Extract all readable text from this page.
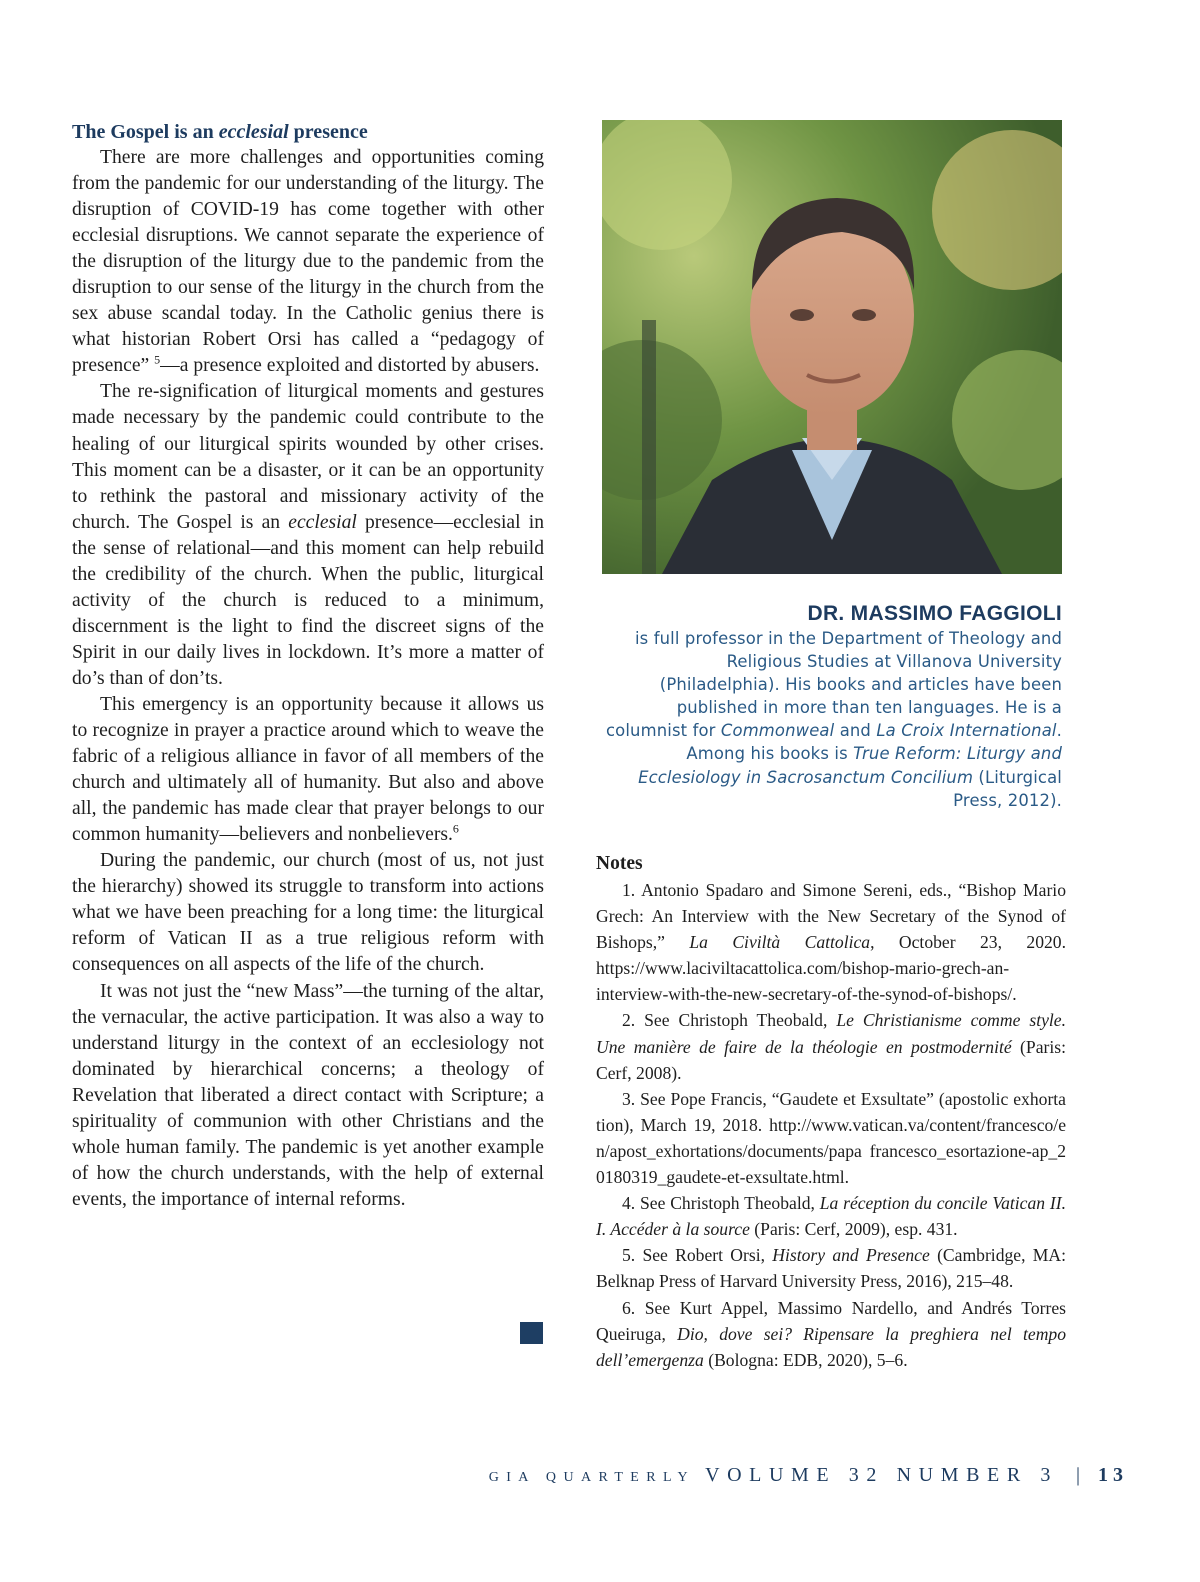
The Gospel is an ecclesial presence

There are more challenges and opportunities coming from the pandemic for our understanding of the liturgy. The disruption of COVID-19 has come together with other ecclesial disruptions. We cannot separate the experience of the disruption of the liturgy due to the pandemic from the disruption to our sense of the liturgy in the church from the sex abuse scandal today. In the Catholic genius there is what historian Robert Orsi has called a “pedagogy of presence” $^5$—a presence exploited and distorted by abusers.

The re-signification of liturgical moments and gestures made necessary by the pandemic could contribute to the healing of our liturgical spirits wounded by other crises. This moment can be a disaster, or it can be an opportunity to rethink the pastoral and missionary activity of the church. The Gospel is an ecclesial presence—ecclesial in the sense of relational—and this moment can help rebuild the credibility of the church. When the public, liturgical activity of the church is reduced to a minimum, discernment is the light to find the discreet signs of the Spirit in our daily lives in lockdown. It’s more a matter of do’s than of don’ts.

This emergency is an opportunity because it allows us to recognize in prayer a practice around which to weave the fabric of a religious alliance in favor of all members of the church and ultimately all of humanity. But also and above all, the pandemic has made clear that prayer belongs to our common humanity—believers and nonbelievers.$^6$

During the pandemic, our church (most of us, not just the hierarchy) showed its struggle to transform into actions what we have been preaching for a long time: the liturgical reform of Vatican II as a true religious reform with consequences on all aspects of the life of the church.

It was not just the “new Mass”—the turning of the altar, the vernacular, the active participation. It was also a way to understand liturgy in the context of an ecclesiology not dominated by hierarchical concerns; a theology of Revelation that liberated a direct contact with Scripture; a spirituality of communion with other Christians and the whole human family. The pandemic is yet another example of how the church understands, with the help of external events, the importance of internal reforms.

DR. MASSIMO FAGGIOLI
is full professor in the Department of Theology and Religious Studies at Villanova University (Philadelphia). His books and articles have been published in more than ten languages. He is a columnist for Commonweal and La Croix International. Among his books is True Reform: Liturgy and Ecclesiology in Sacrosanctum Concilium (Liturgical Press, 2012).
Notes

1. Antonio Spadaro and Simone Sereni, eds., “Bishop Mario Grech: An Interview with the New Secretary of the Synod of Bishops,” La Civiltà Cattolica, October 23, 2020. https://www.laciviltacattolica.com/bishop-mario-grech-an-interview-with-the-new-secretary-of-the-synod-of-bishops/.

2. See Christoph Theobald, Le Christianisme comme style. Une manière de faire de la théologie en postmodernité (Paris: Cerf, 2008).

3. See Pope Francis, “Gaudete et Exsultate” (apostolic exhortation), March 19, 2018. http://www.vatican.va/content/francesco/en/apost_exhortations/documents/papa francesco_esortazione-ap_20180319_gaudete-et-exsultate.html.

4. See Christoph Theobald, La réception du concile Vatican II. I. Accéder à la source (Paris: Cerf, 2009), esp. 431.

5. See Robert Orsi, History and Presence (Cambridge, MA: Belknap Press of Harvard University Press, 2016), 215–48.

6. See Kurt Appel, Massimo Nardello, and Andrés Torres Queiruga, Dio, dove sei? Ripensare la preghiera nel tempo dell’emergenza (Bologna: EDB, 2020), 5–6.

GIA QUARTERLY VOLUME 32 NUMBER 3 | 13
